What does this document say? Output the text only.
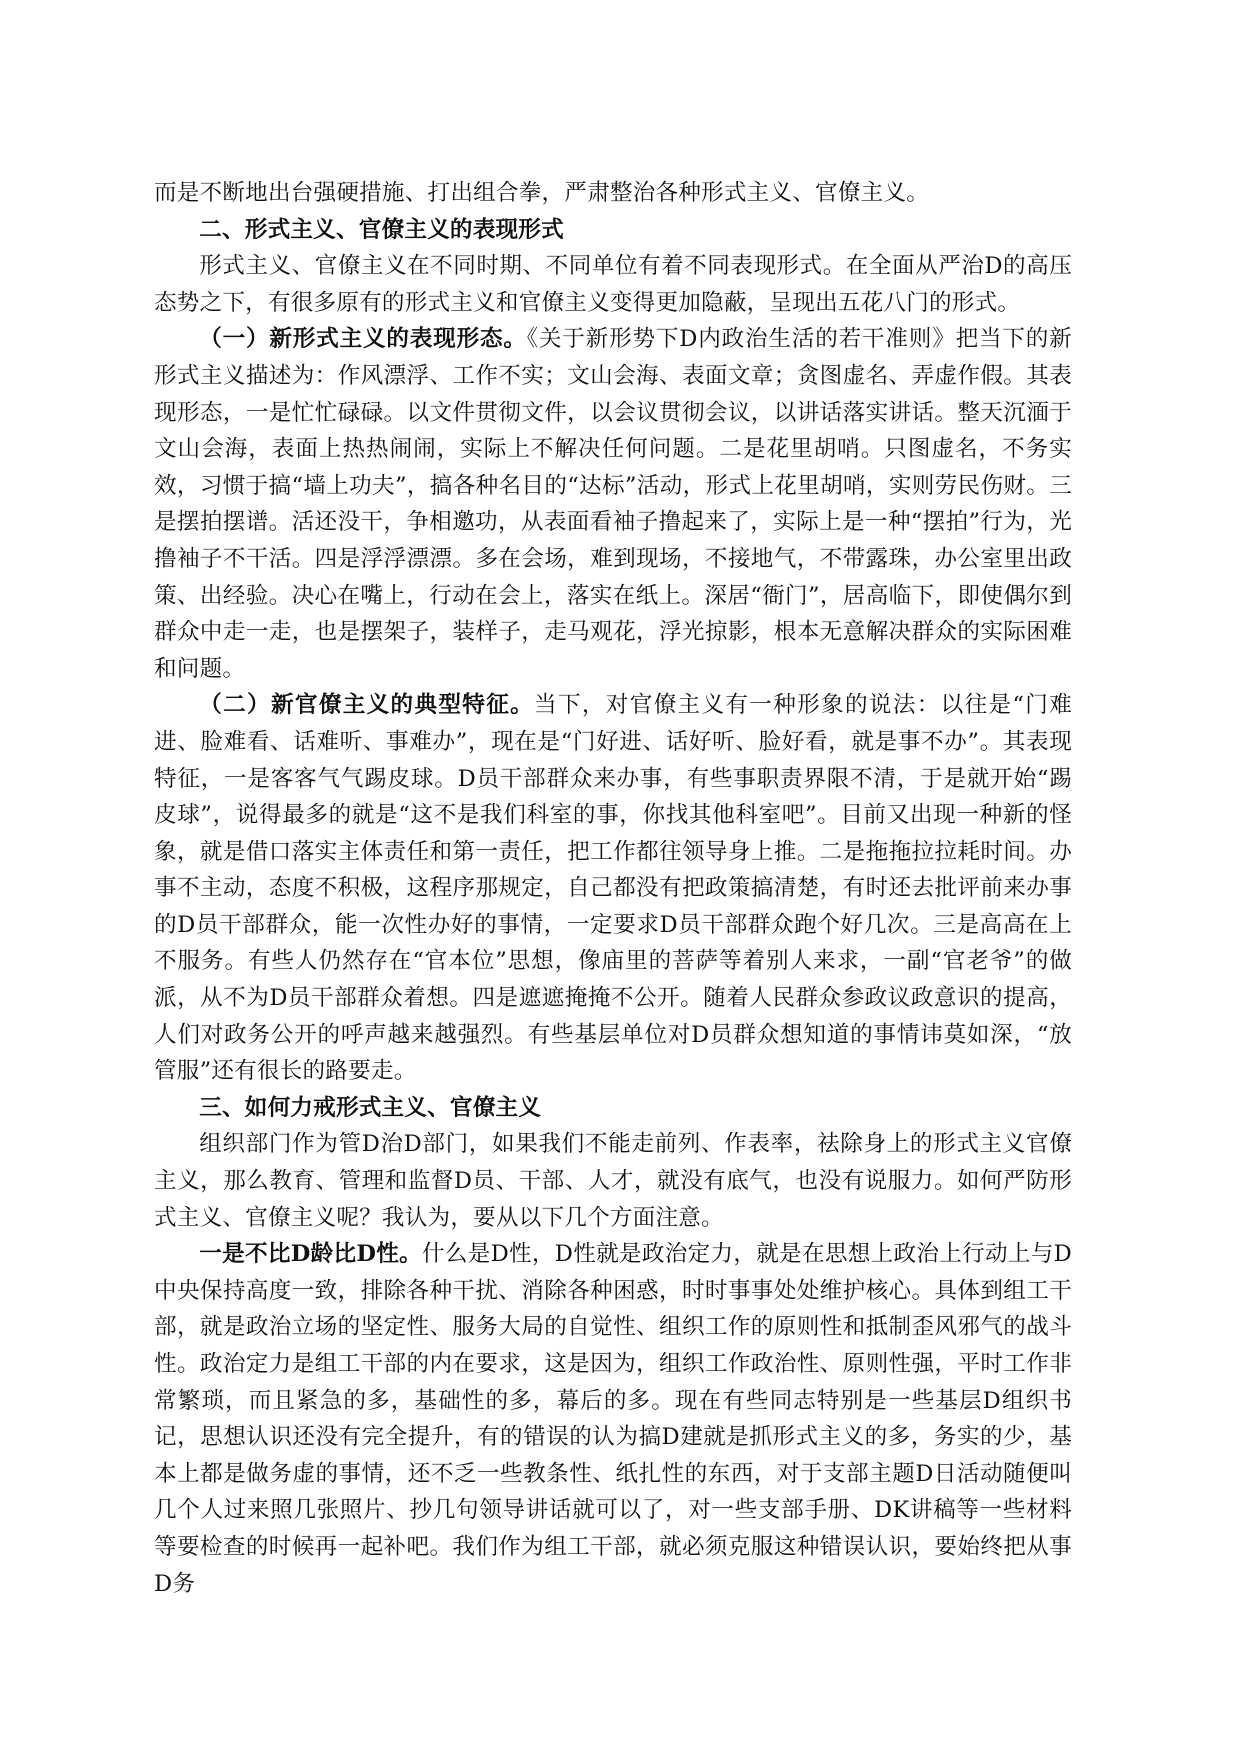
而是不断地出台强硬措施、打出组合拳，严肃整治各种形式主义、官僚主义。

二、形式主义、官僚主义的表现形式

形式主义、官僚主义在不同时期、不同单位有着不同表现形式。在全面从严治D的高压态势之下，有很多原有的形式主义和官僚主义变得更加隐蔽，呈现出五花八门的形式。

（一）新形式主义的表现形态。《关于新形势下D内政治生活的若干准则》把当下的新形式主义描述为：作风漂浮、工作不实；文山会海、表面文章；贪图虚名、弄虚作假。其表现形态，一是忙忙碌碌。以文件贯彻文件，以会议贯彻会议，以讲话落实讲话。整天沉湎于文山会海，表面上热热闹闹，实际上不解决任何问题。二是花里胡哨。只图虚名，不务实效，习惯于搞“墙上功夫”，搞各种名目的“达标”活动，形式上花里胡哨，实则劳民伤财。三是摆拍摆谱。活还没干，争相邀功，从表面看袖子撸起来了，实际上是一种“摆拍”行为，光撸袖子不干活。四是浮浮漂漂。多在会场，难到现场，不接地气，不带露珠，办公室里出政策、出经验。决心在嘴上，行动在会上，落实在纸上。深居“衙门”，居高临下，即使偶尔到群众中走一走，也是摆架子，装样子，走马观花，浮光掠影，根本无意解决群众的实际困难和问题。

（二）新官僚主义的典型特征。当下，对官僚主义有一种形象的说法：以往是“门难进、脸难看、话难听、事难办”，现在是“门好进、话好听、脸好看，就是事不办”。其表现特征，一是客客气气踢皮球。D员干部群众来办事，有些事职责界限不清，于是就开始“踢皮球”，说得最多的就是“这不是我们科室的事，你找其他科室吧”。目前又出现一种新的怪象，就是借口落实主体责任和第一责任，把工作都往领导身上推。二是拖拖拉拉耗时间。办事不主动，态度不积极，这程序那规定，自己都没有把政策搞清楚，有时还去批评前来办事的D员干部群众，能一次性办好的事情，一定要求D员干部群众跑个好几次。三是高高在上不服务。有些人仍然存在“官本位”思想，像庙里的菩萨等着别人来求，一副“官老爷”的做派，从不为D员干部群众着想。四是遮遮掩掩不公开。随着人民群众参政议政意识的提高，人们对政务公开的呼声越来越强烈。有些基层单位对D员群众想知道的事情讳莫如深，“放管服”还有很长的路要走。

三、如何力戒形式主义、官僚主义

组织部门作为管D治D部门，如果我们不能走前列、作表率，祛除身上的形式主义官僚主义，那么教育、管理和监督D员、干部、人才，就没有底气，也没有说服力。如何严防形式主义、官僚主义呢？我认为，要从以下几个方面注意。

一是不比D龄比D性。什么是D性，D性就是政治定力，就是在思想上政治上行动上与D中央保持高度一致，排除各种干扰、消除各种困惑，时时事事处处维护核心。具体到组工干部，就是政治立场的坚定性、服务大局的自觉性、组织工作的原则性和抵制歪风邪气的战斗性。政治定力是组工干部的内在要求，这是因为，组织工作政治性、原则性强，平时工作非常繁琐，而且紧急的多，基础性的多，幕后的多。现在有些同志特别是一些基层D组织书记，思想认识还没有完全提升，有的错误的认为搞D建就是抓形式主义的多，务实的少，基本上都是做务虚的事情，还不乏一些教条性、纸扎性的东西，对于支部主题D日活动随便叫几个人过来照几张照片、抄几句领导讲话就可以了，对一些支部手册、DK讲稿等一些材料等要检查的时候再一起补吧。我们作为组工干部，就必须克服这种错误认识，要始终把从事D务
